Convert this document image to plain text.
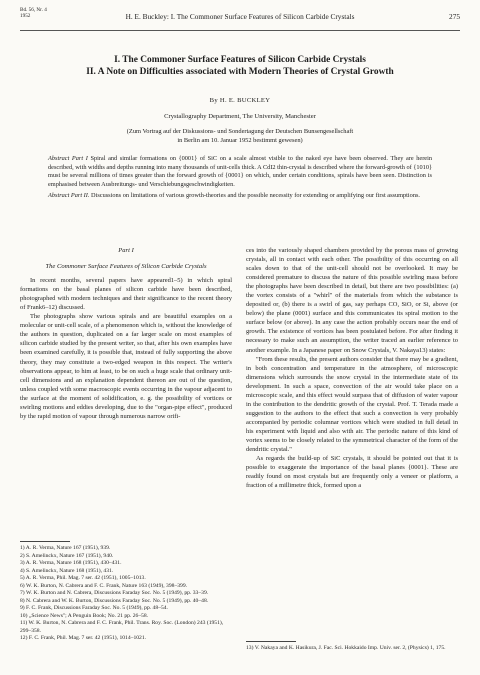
Bd. 56, Nr. 4
1952	H. E. Buckley: I. The Commoner Surface Features of Silicon Carbide Crystals	275
I. The Commoner Surface Features of Silicon Carbide Crystals
II. A Note on Difficulties associated with Modern Theories of Crystal Growth
By H. E. BUCKLEY
Crystallography Department, The University, Manchester
(Zum Vortrag auf der Diskussions- und Sondertagung der Deutschen Bunsengesellschaft
in Berlin am 10. Januar 1952 bestimmt gewesen)

Abstract Part I Spiral and similar formations on {0001} of SiC on a scale almost visible to the naked eye have been observed. They are herein described, with widths and depths running into many thousands of unit-cells thick. A CdI2 thin-crystal is described where the forward-growth of {1010} must be several millions of times greater than the forward growth of {0001} on which, under certain conditions, spirals have been seen. Distinction is emphasised between Ausbreitungs- und Verschiebungsgeschwindigkeiten.

Abstract Part II. Discussions on limitations of various growth-theories and the possible necessity for extending or amplifying our first assumptions.

Part I
The Commoner Surface Features of Silicon Carbide Crystals

In recent months, several papers have appeared1–5) in which spiral formations on the basal planes of silicon carbide have been described, photographed with modern techniques and their significance to the recent theory of Frank6–12) discussed.

The photographs show various spirals and are beautiful examples on a molecular or unit-cell scale, of a phenomenon which is, without the knowledge of the authors in question, duplicated on a far larger scale on most examples of silicon carbide studied by the present writer, so that, after his own examples have been examined carefully, it is possible that, instead of fully supporting the above theory, they may constitute a two-edged weapon in this respect. The writer's observations appear, to him at least, to be on such a huge scale that ordinary unit-cell dimensions and an explanation dependent thereon are out of the question, unless coupled with some macroscopic events occurring in the vapour adjacent to the surface at the moment of solidification, e. g. the possibility of vortices or swirling motions and eddies developing, due to the "organ-pipe effect", produced by the rapid motion of vapour through numerous narrow orifi-

ces into the variously shaped chambers provided by the porous mass of growing crystals, all in contact with each other. The possibility of this occurring on all scales down to that of the unit-cell should not be overlooked. It may be considered premature to discuss the nature of this possible swirling mass before the photographs have been described in detail, but there are two possibilities: (a) the vortex consists of a "whirl" of the materials from which the substance is deposited or, (b) there is a swirl of gas, say perhaps CO, SiO, or Si, above (or below) the plane (0001) surface and this communicates its spiral motion to the surface below (or above). In any case the action probably occurs near the end of growth. The existence of vortices has been postulated before. For after finding it necessary to make such an assumption, the writer traced an earlier reference to another example. In a Japanese paper on Snow Crystals, V. Nakaya13) states:

"From these results, the present authors consider that there may be a gradient, in both concentration and temperature in the atmosphere, of microscopic dimensions which surrounds the snow crystal in the intermediate state of its development. In such a space, convection of the air would take place on a microscopic scale, and this effect would surpass that of diffusion of water vapour in the contribution to the dendritic growth of the crystal. Prof. T. Terada made a suggestion to the authors to the effect that such a convection is very probably accompanied by periodic columnar vortices which were studied in full detail in his experiment with liquid and also with air. The periodic nature of this kind of vortex seems to be closely related to the symmetrical character of the form of the dendritic crystal."

As regards the build-up of SiC crystals, it should be pointed out that it is possible to exaggerate the importance of the basal planes {0001}. These are readily found on most crystals but are frequently only a veneer or platform, a fraction of a millimetre thick, formed upon a

1) A. R. Verma, Nature 167 (1951), 939.
2) S. Amelinckx, Nature 167 (1951), 940.
3) A. R. Verma, Nature 168 (1951), 430–431.
4) S. Amelinckx, Nature 168 (1951), 431.
5) A. R. Verma, Phil. Mag. 7 ser. 42 (1951), 1005–1013.
6) W. K. Burton, N. Cabrera and F. C. Frank, Nature 163 (1949), 398–399.
7) W. K. Burton and N. Cabrera, Discussions Faraday Soc. No. 5 (1949), pp. 33–39.
8) N. Cabrera and W. K. Burton, Discussions Faraday Soc. No. 5 (1949), pp. 40–48.
9) F. C. Frank, Discussions Faraday Soc. No. 5 (1949), pp. 48–54.
10) „Science News"; A Penguin Book; No. 21 pp. 26–58.
11) W. K. Burton, N. Cabrera and F. C. Frank, Phil. Trans. Roy. Soc. (London) 243 (1951), 299–358.
12) F. C. Frank, Phil. Mag. 7 ser. 42 (1951), 1014–1021.
13) V. Nakaya and K. Hasikura, J. Fac. Sci. Hokkaido Imp. Univ. ser. 2, (Physics) 1, 175.
